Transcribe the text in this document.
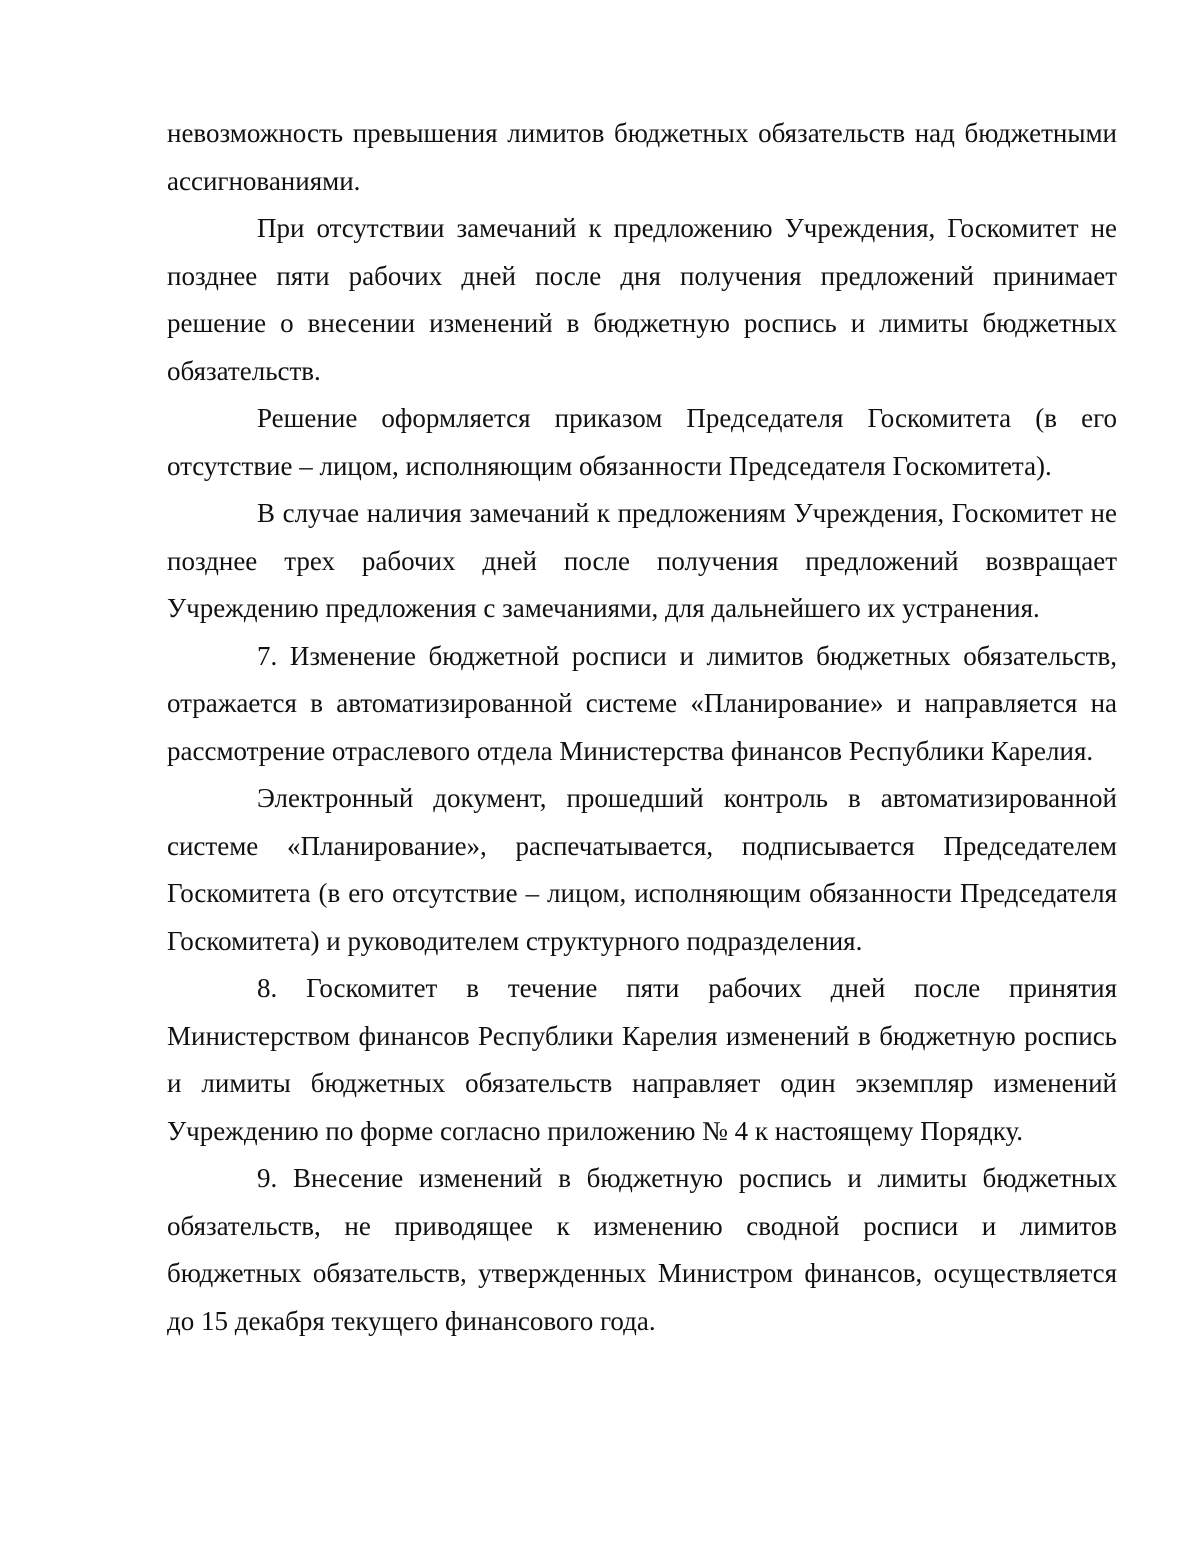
невозможность превышения лимитов бюджетных обязательств над бюджетными ассигнованиями.

При отсутствии замечаний к предложению Учреждения, Госкомитет не позднее пяти рабочих дней после дня получения предложений принимает решение о внесении изменений в бюджетную роспись и лимиты бюджетных обязательств.

Решение оформляется приказом Председателя Госкомитета (в его отсутствие – лицом, исполняющим обязанности Председателя Госкомитета).

В случае наличия замечаний к предложениям Учреждения, Госкомитет не позднее трех рабочих дней после получения предложений возвращает Учреждению предложения с замечаниями, для дальнейшего их устранения.

7. Изменение бюджетной росписи и лимитов бюджетных обязательств, отражается в автоматизированной системе «Планирование» и направляется на рассмотрение отраслевого отдела Министерства финансов Республики Карелия.

Электронный документ, прошедший контроль в автоматизированной системе «Планирование», распечатывается, подписывается Председателем Госкомитета (в его отсутствие – лицом, исполняющим обязанности Председателя Госкомитета) и руководителем структурного подразделения.

8. Госкомитет в течение пяти рабочих дней после принятия Министерством финансов Республики Карелия изменений в бюджетную роспись и лимиты бюджетных обязательств направляет один экземпляр изменений Учреждению по форме согласно приложению № 4 к настоящему Порядку.

9. Внесение изменений в бюджетную роспись и лимиты бюджетных обязательств, не приводящее к изменению сводной росписи и лимитов бюджетных обязательств, утвержденных Министром финансов, осуществляется до 15 декабря текущего финансового года.
